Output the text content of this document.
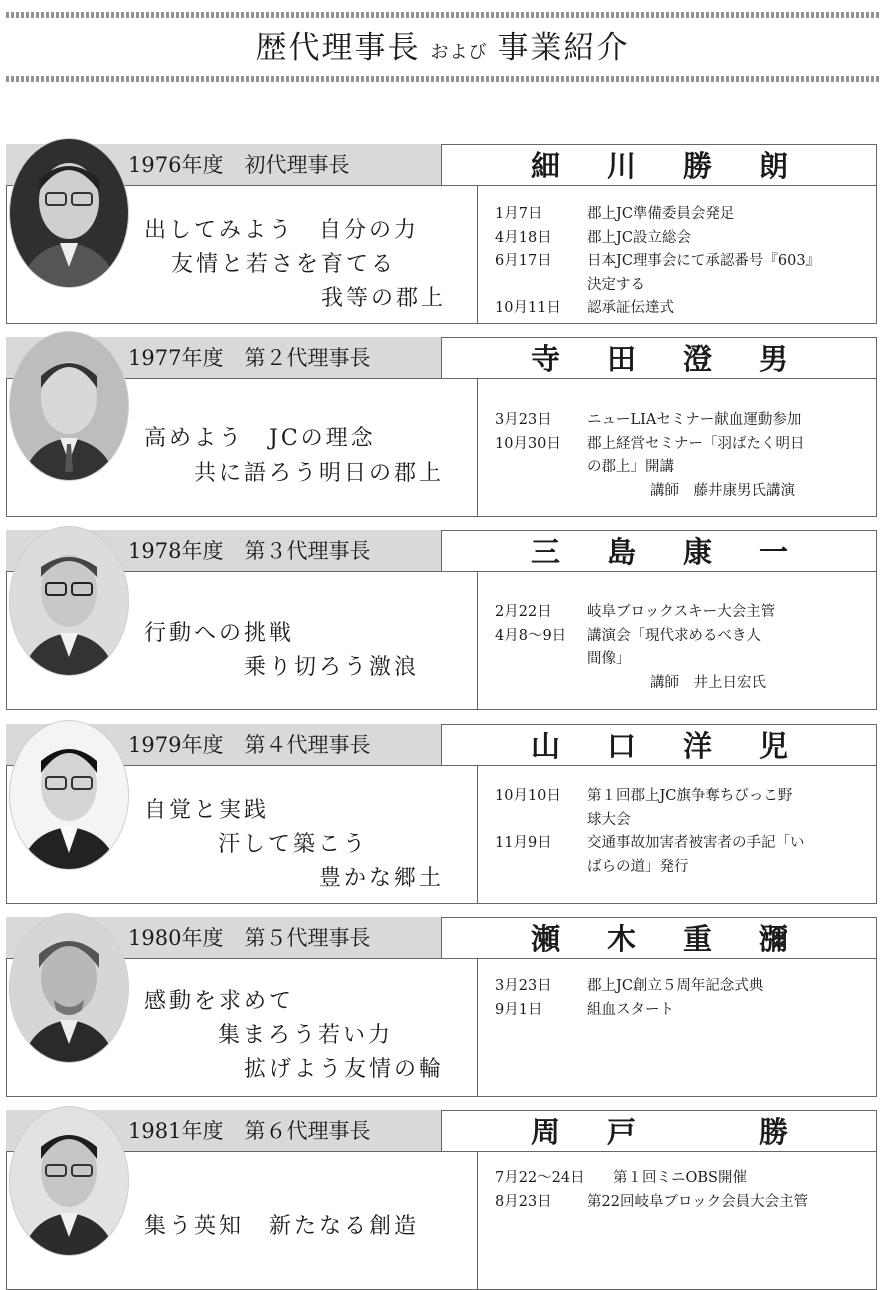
歴代理事長 および 事業紹介
1976年度　初代理事長	細 川 勝 朗
出してみよう　自分の力
友情と若さを育てる
我等の郡上
1月7日	郡上JC準備委員会発足
4月18日	郡上JC設立総会
6月17日	日本JC理事会にて承認番号『603』
決定する
10月11日	認承証伝達式
1977年度　第２代理事長	寺 田 澄 男
高めよう　JCの理念
共に語ろう明日の郡上
3月23日	ニューLIAセミナー献血運動参加
10月30日	郡上経営セミナー「羽ばたく明日
の郡上」開講
講師　藤井康男氏講演
1978年度　第３代理事長	三 島 康 一
行動への挑戦
乗り切ろう激浪
2月22日	岐阜ブロックスキー大会主管
4月8～9日	講演会「現代求めるべき人
間像」
講師　井上日宏氏
1979年度　第４代理事長	山 口 洋 児
自覚と実践
汗して築こう
豊かな郷土
10月10日	第１回郡上JC旗争奪ちびっこ野
球大会
11月9日	交通事故加害者被害者の手記「い
ばらの道」発行
1980年度　第５代理事長	瀬 木 重 瀰
感動を求めて
集まろう若い力
拡げよう友情の輪
3月23日	郡上JC創立５周年記念式典
9月1日	組血スタート
1981年度　第６代理事長	周 戸	勝
集う英知　新たなる創造
7月22～24日	第１回ミニOBS開催
8月23日	第22回岐阜ブロック会員大会主管
